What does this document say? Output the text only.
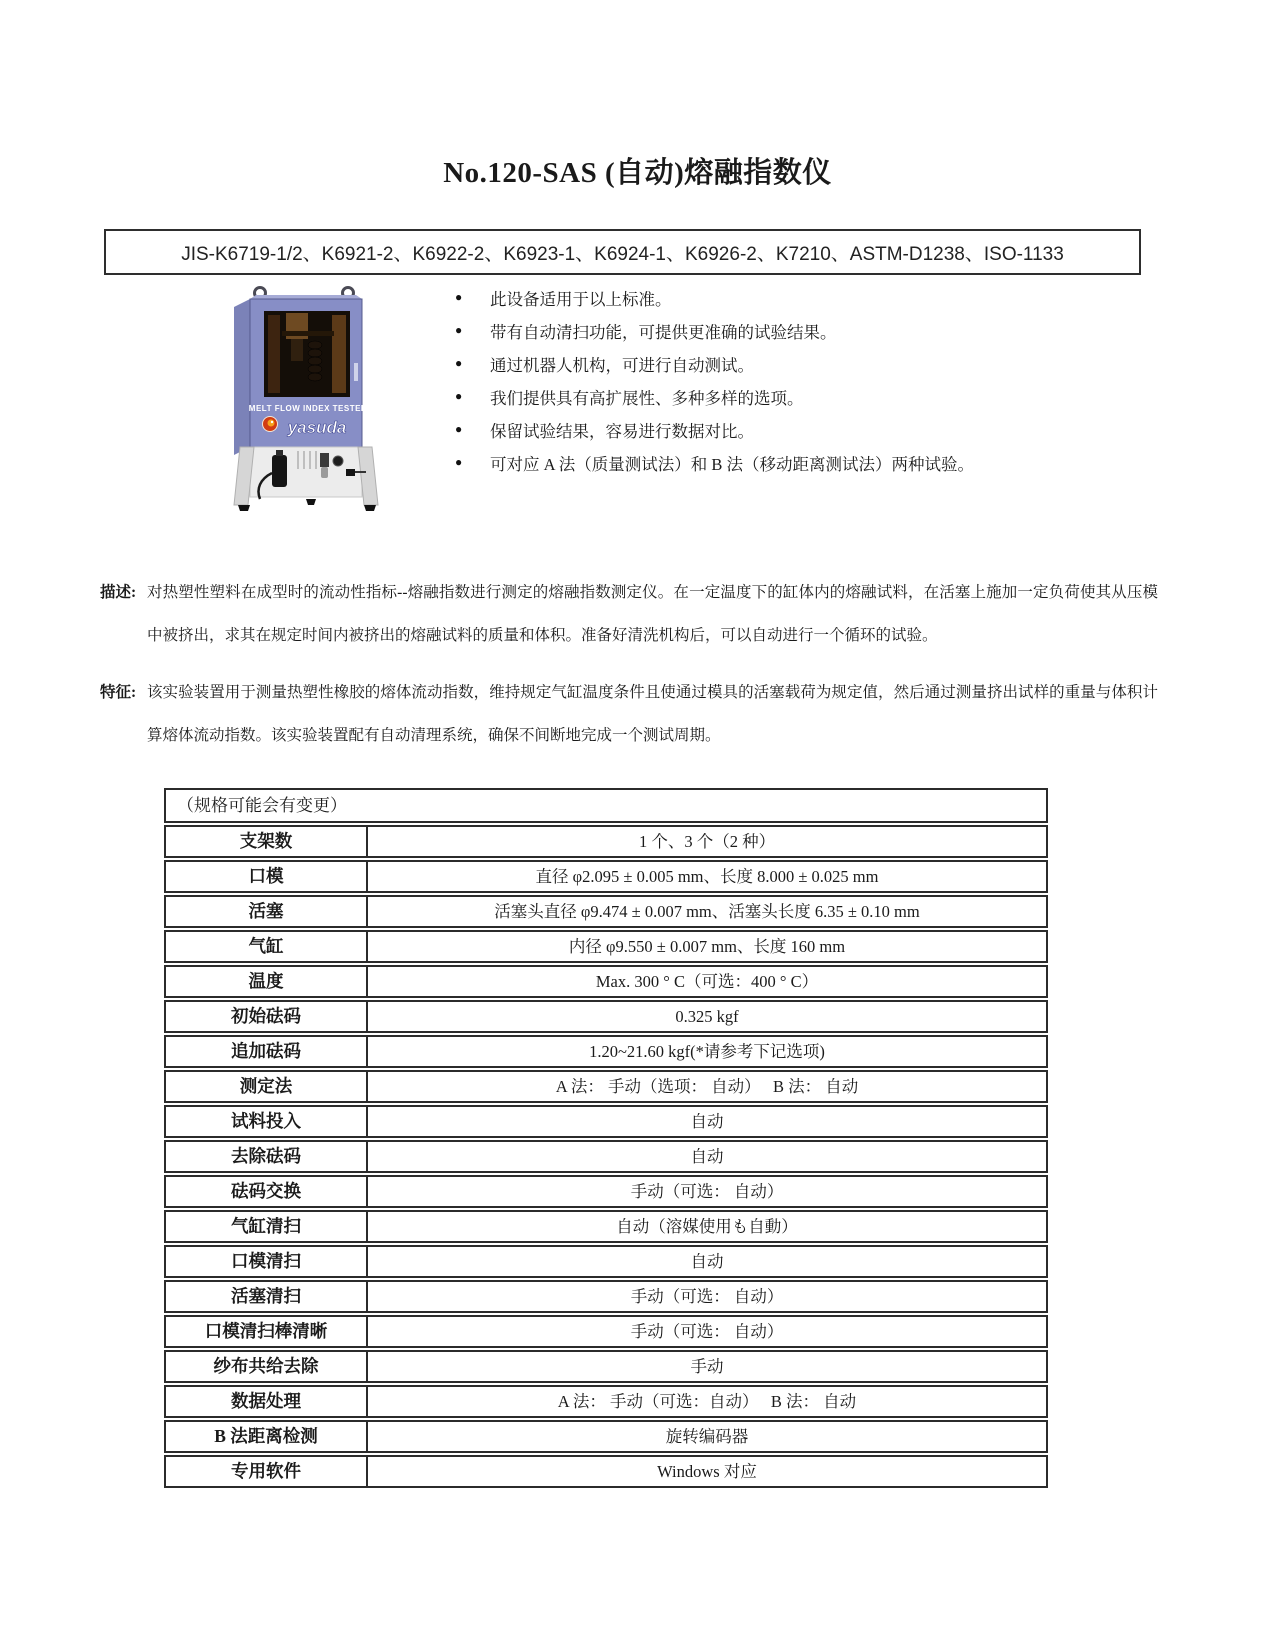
No.120-SAS (自动)熔融指数仪
JIS-K6719-1/2、K6921-2、K6922-2、K6923-1、K6924-1、K6926-2、K7210、ASTM-D1238、ISO-1133
MELT FLOW INDEX TESTER
yasuda
●	此设备适用于以上标准。
●	带有自动清扫功能，可提供更准确的试验结果。
●	通过机器人机构，可进行自动测试。
●	我们提供具有高扩展性、多种多样的选项。
●	保留试验结果，容易进行数据对比。
●	可对应 A 法（质量测试法）和 B 法（移动距离测试法）两种试验。
描述: 对热塑性塑料在成型时的流动性指标--熔融指数进行测定的熔融指数测定仪。在一定温度下的缸体内的熔融试料，在活塞上施加一定负荷使其从压模中被挤出，求其在规定时间内被挤出的熔融试料的质量和体积。准备好清洗机构后，可以自动进行一个循环的试验。
特征: 该实验装置用于测量热塑性橡胶的熔体流动指数，维持规定气缸温度条件且使通过模具的活塞载荷为规定值，然后通过测量挤出试样的重量与体积计算熔体流动指数。该实验装置配有自动清理系统，确保不间断地完成一个测试周期。
（规格可能会有变更）	
支架数	1 个、3 个（2 种）
口模	直径 φ2.095 ± 0.005 mm、长度 8.000 ± 0.025 mm
活塞	活塞头直径 φ9.474 ± 0.007 mm、活塞头长度 6.35 ± 0.10 mm
气缸	内径 φ9.550 ± 0.007 mm、长度 160 mm
温度	Max. 300 ° C（可选：400 ° C）
初始砝码	0.325 kgf
追加砝码	1.20~21.60 kgf(*请参考下记选项)
测定法	A 法： 手动（选项： 自动）　 B 法： 自动
试料投入	自动
去除砝码	自动
砝码交换	手动（可选： 自动）
气缸清扫	自动（溶媒使用も自動）
口模清扫	自动
活塞清扫	手动（可选： 自动）
口模清扫棒清晰	手动（可选： 自动）
纱布共给去除	手动
数据处理	A 法： 手动（可选：自动）　 B 法： 自动
B 法距离检测	旋转编码器
专用软件	Windows 对应
